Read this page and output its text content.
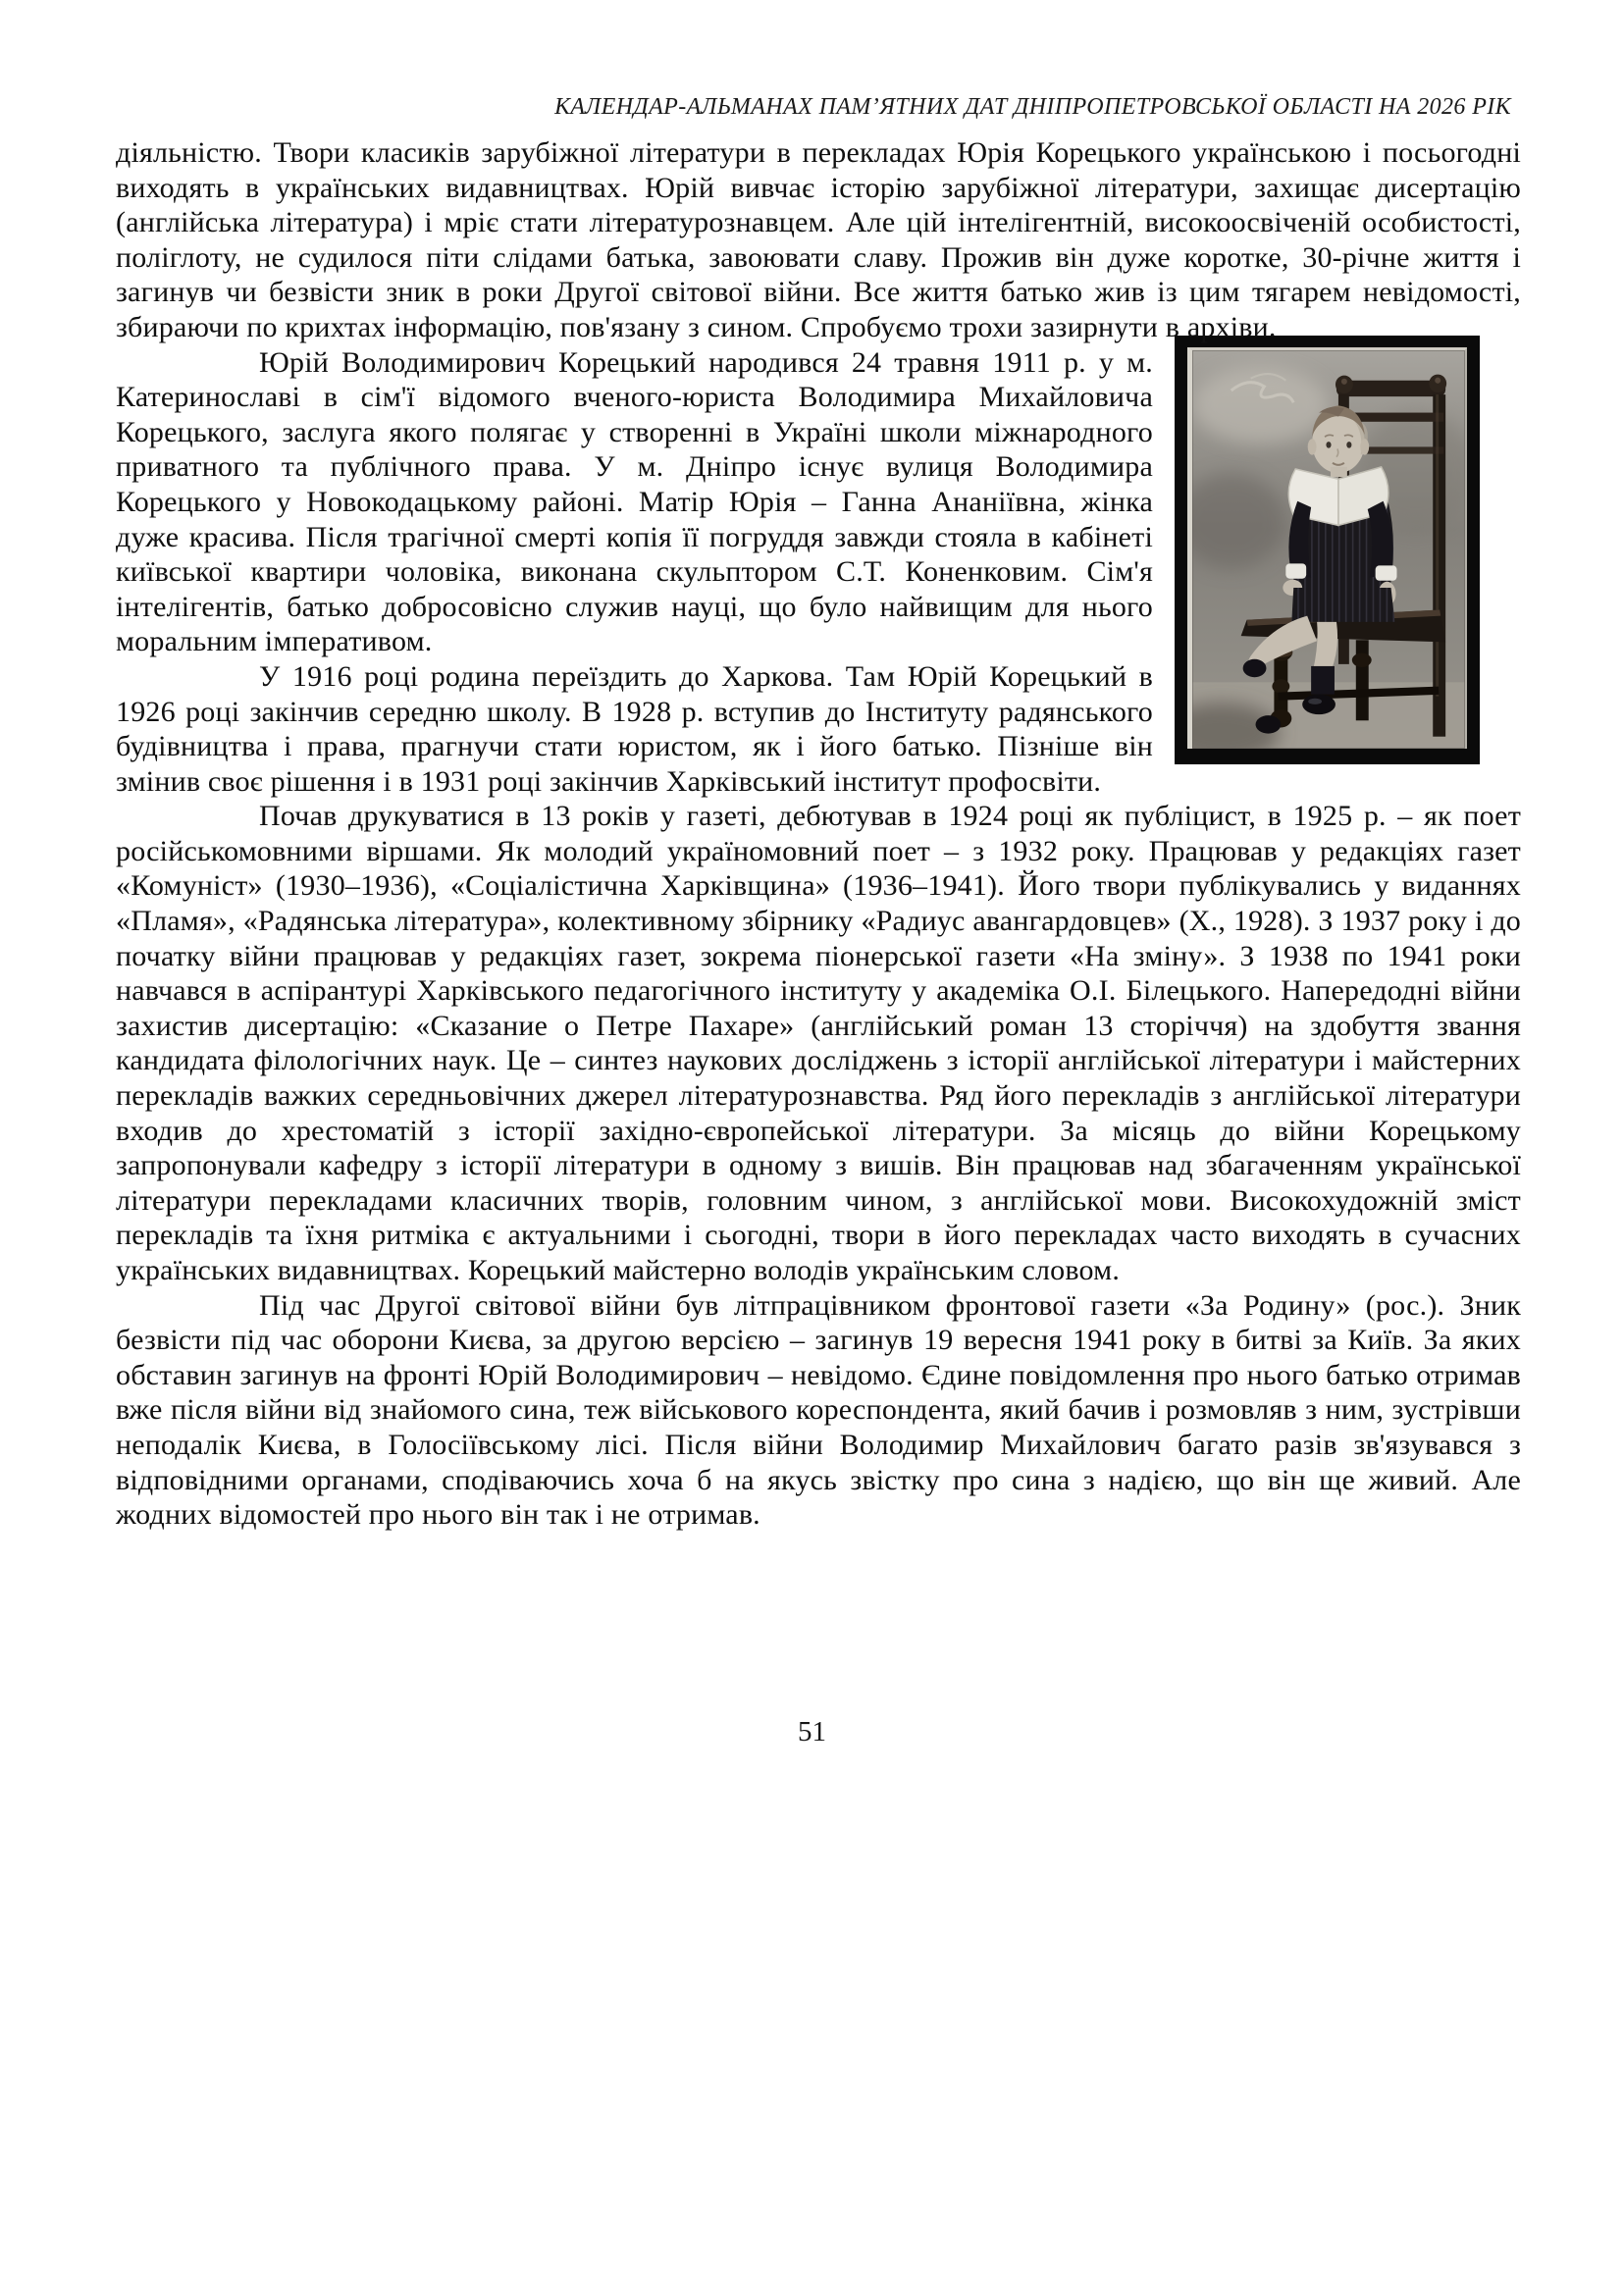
КАЛЕНДАР-АЛЬМАНАХ ПАМ’ЯТНИХ ДАТ ДНІПРОПЕТРОВСЬКОЇ ОБЛАСТІ НА 2026 РІК

діяльністю. Твори класиків зарубіжної літератури в перекладах Юрія Корецького українською і посьогодні виходять в українських видавництвах. Юрій вивчає історію зарубіжної літератури, захищає дисертацію (англійська література) і мріє стати літературознавцем. Але цій інтелігентній, високоосвіченій особистості, поліглоту, не судилося піти слідами батька, завоювати славу. Прожив він дуже коротке, 30-річне життя і загинув чи безвісти зник в роки Другої світової війни. Все життя батько жив із цим тягарем невідомості, збираючи по крихтах інформацію, пов'язану з сином. Спробуємо трохи зазирнути в архіви.

Юрій Володимирович Корецький народився 24 травня 1911 р. у м. Катеринославі в сім'ї відомого вченого-юриста Володимира Михайловича Корецького, заслуга якого полягає у створенні в Україні школи міжнародного приватного та публічного права. У м. Дніпро існує вулиця Володимира Корецького у Новокодацькому районі. Матір Юрія – Ганна Ананіївна, жінка дуже красива. Після трагічної смерті копія її погруддя завжди стояла в кабінеті київської квартири чоловіка, виконана скульптором С.Т. Коненковим. Сім'я інтелігентів, батько добросовісно служив науці, що було найвищим для нього моральним імперативом.

У 1916 році родина переїздить до Харкова. Там Юрій Корецький в 1926 році закінчив середню школу. В 1928 р. вступив до Інституту радянського будівництва і права, прагнучи стати юристом, як і його батько. Пізніше він змінив своє рішення і в 1931 році закінчив Харківський інститут профосвіти.

Почав друкуватися в 13 років у газеті, дебютував в 1924 році як публіцист, в 1925 р. – як поет російськомовними віршами. Як молодий україномовний поет – з 1932 року. Працював у редакціях газет «Комуніст» (1930–1936), «Соціалістична Харківщина» (1936–1941). Його твори публікувались у виданнях «Пламя», «Радянська література», колективному збірнику «Радиус авангардовцев» (Х., 1928). З 1937 року і до початку війни працював у редакціях газет, зокрема піонерської газети «На зміну». З 1938 по 1941 роки навчався в аспірантурі Харківського педагогічного інституту у академіка О.І. Білецького. Напередодні війни захистив дисертацію: «Сказание о Петре Пахаре» (англійський роман 13 сторіччя) на здобуття звання кандидата філологічних наук. Це – синтез наукових досліджень з історії англійської літератури і майстерних перекладів важких середньовічних джерел літературознавства. Ряд його перекладів з англійської літератури входив до хрестоматій з історії західно-європейської літератури. За місяць до війни Корецькому запропонували кафедру з історії літератури в одному з вишів. Він працював над збагаченням української літератури перекладами класичних творів, головним чином, з англійської мови. Високохудожній зміст перекладів та їхня ритміка є актуальними і сьогодні, твори в його перекладах часто виходять в сучасних українських видавництвах. Корецький майстерно володів українським словом.

Під час Другої світової війни був літпрацівником фронтової газети «За Родину» (рос.). Зник безвісти під час оборони Києва, за другою версією – загинув 19 вересня 1941 року в битві за Київ. За яких обставин загинув на фронті Юрій Володимирович – невідомо. Єдине повідомлення про нього батько отримав вже після війни від знайомого сина, теж військового кореспондента, який бачив і розмовляв з ним, зустрівши неподалік Києва, в Голосіївському лісі. Після війни Володимир Михайлович багато разів зв'язувався з відповідними органами, сподіваючись хоча б на якусь звістку про сина з надією, що він ще живий. Але жодних відомостей про нього він так і не отримав.

51
